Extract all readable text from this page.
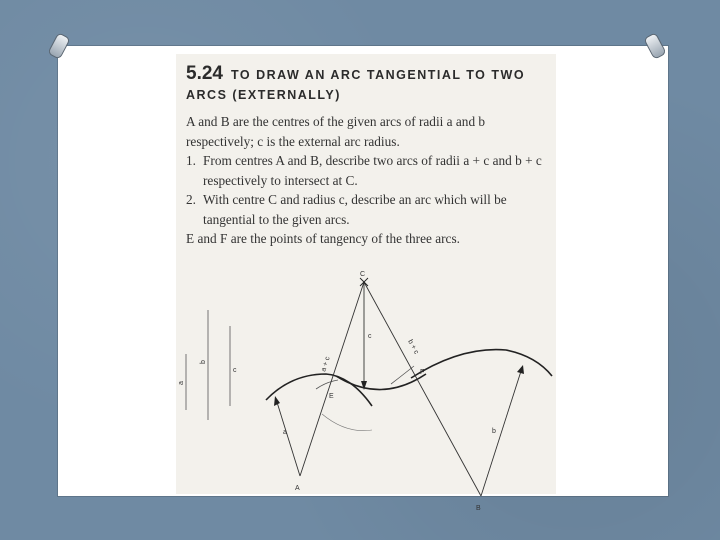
5.24 TO DRAW AN ARC TANGENTIAL TO TWO ARCS (EXTERNALLY)

A and B are the centres of the given arcs of radii a and b respectively; c is the external arc radius.

1. From centres A and B, describe two arcs of radii a + c and b + c respectively to intersect at C.

2. With centre C and radius c, describe an arc which will be tangential to the given arcs.

E and F are the points of tangency of the three arcs.

a
b
c
C
A
B
E
F
c
a	b
a + c
b + c
